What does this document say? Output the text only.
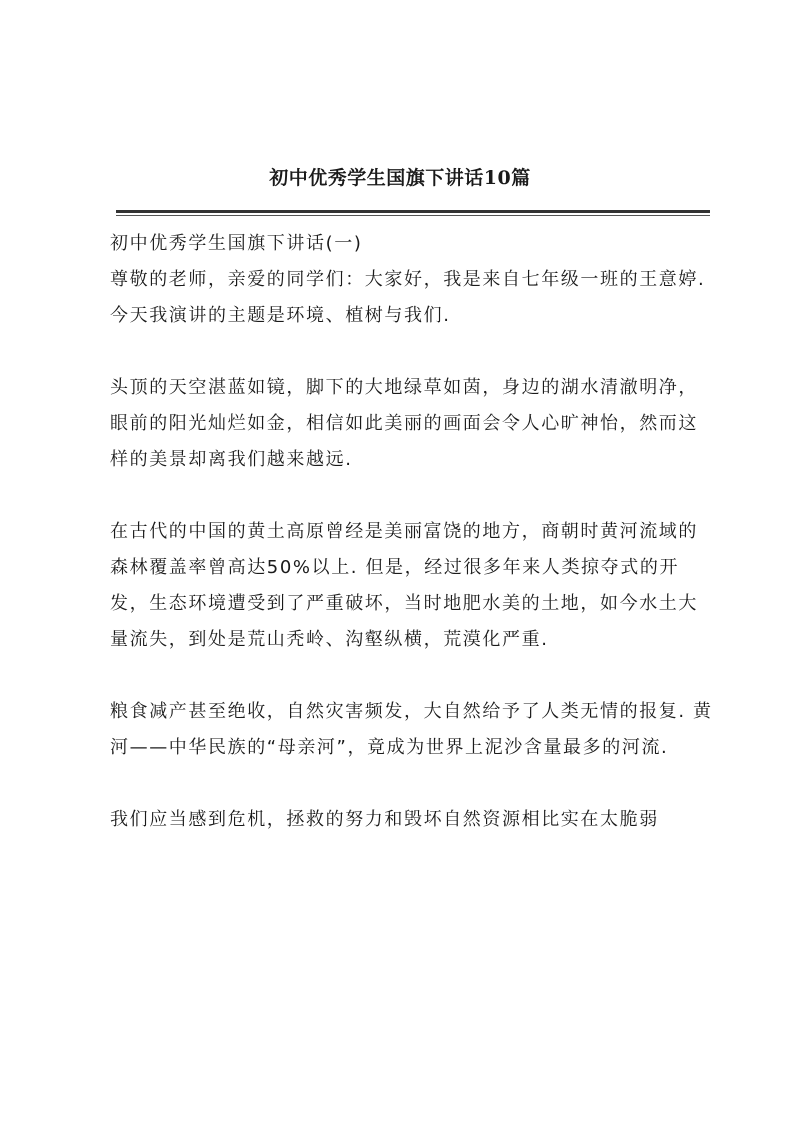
初中优秀学生国旗下讲话10篇

初中优秀学生国旗下讲话(一)

尊敬的老师，亲爱的同学们：大家好，我是来自七年级一班的王意婷. 今天我演讲的主题是环境、植树与我们.

头顶的天空湛蓝如镜，脚下的大地绿草如茵，身边的湖水清澈明净，眼前的阳光灿烂如金，相信如此美丽的画面会令人心旷神怡，然而这样的美景却离我们越来越远.

在古代的中国的黄土高原曾经是美丽富饶的地方，商朝时黄河流域的森林覆盖率曾高达50%以上. 但是，经过很多年来人类掠夺式的开发，生态环境遭受到了严重破坏，当时地肥水美的土地，如今水土大量流失，到处是荒山秃岭、沟壑纵横，荒漠化严重.

粮食减产甚至绝收，自然灾害频发，大自然给予了人类无情的报复. 黄河——中华民族的“母亲河”，竟成为世界上泥沙含量最多的河流.

我们应当感到危机，拯救的努力和毁坏自然资源相比实在太脆弱
